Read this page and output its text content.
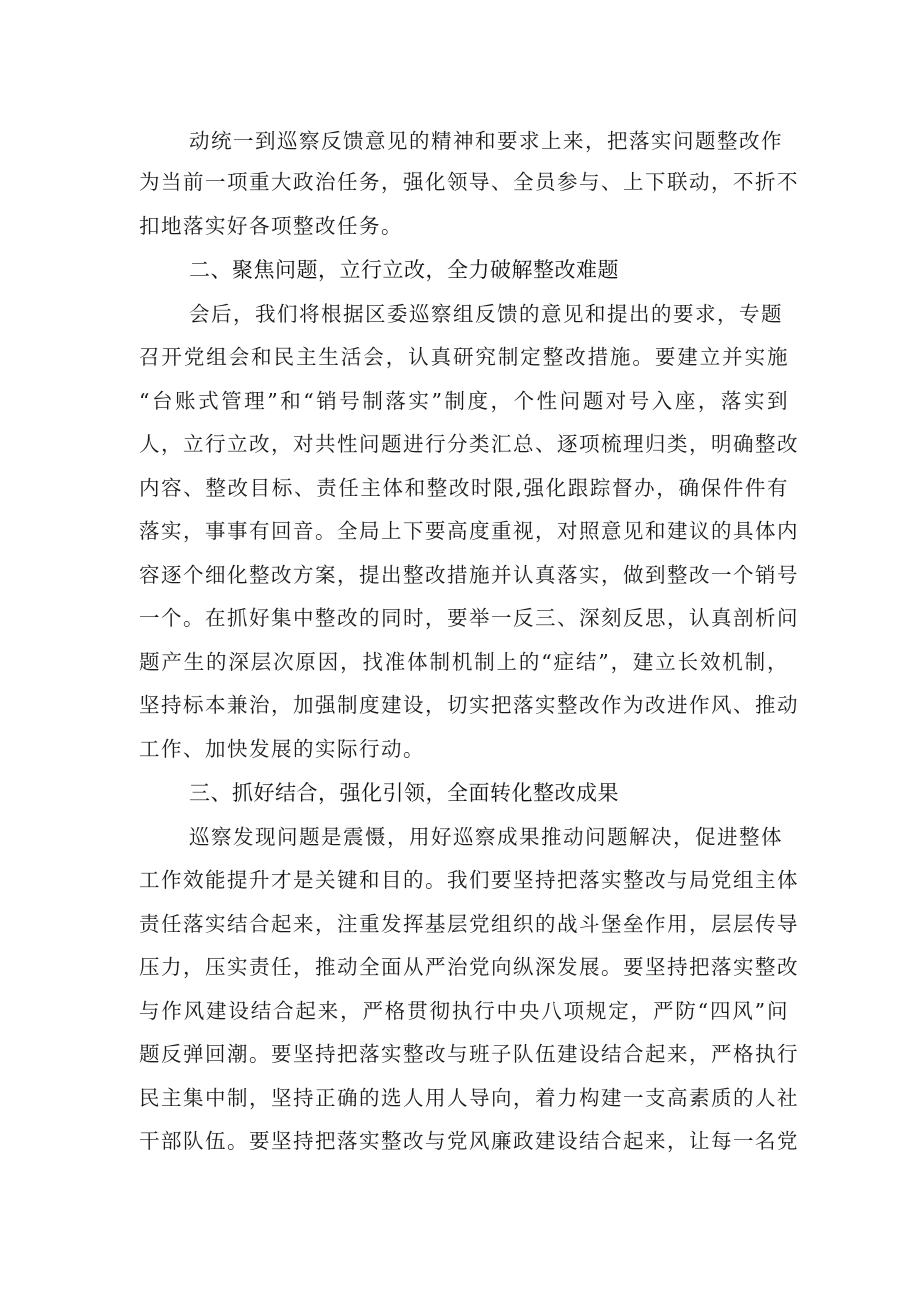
动统一到巡察反馈意见的精神和要求上来，把落实问题整改作
为当前一项重大政治任务，强化领导、全员参与、上下联动，不折不
扣地落实好各项整改任务。
二、聚焦问题，立行立改，全力破解整改难题
会后，我们将根据区委巡察组反馈的意见和提出的要求，专题
召开党组会和民主生活会，认真研究制定整改措施。要建立并实施
“台账式管理”和“销号制落实”制度，个性问题对号入座，落实到
人，立行立改，对共性问题进行分类汇总、逐项梳理归类，明确整改
内容、整改目标、责任主体和整改时限,强化跟踪督办，确保件件有
落实，事事有回音。全局上下要高度重视，对照意见和建议的具体内
容逐个细化整改方案，提出整改措施并认真落实，做到整改一个销号
一个。在抓好集中整改的同时，要举一反三、深刻反思，认真剖析问
题产生的深层次原因，找准体制机制上的“症结”，建立长效机制，
坚持标本兼治，加强制度建设，切实把落实整改作为改进作风、推动
工作、加快发展的实际行动。
三、抓好结合，强化引领，全面转化整改成果
巡察发现问题是震慑，用好巡察成果推动问题解决，促进整体
工作效能提升才是关键和目的。我们要坚持把落实整改与局党组主体
责任落实结合起来，注重发挥基层党组织的战斗堡垒作用，层层传导
压力，压实责任，推动全面从严治党向纵深发展。要坚持把落实整改
与作风建设结合起来，严格贯彻执行中央八项规定，严防“四风”问
题反弹回潮。要坚持把落实整改与班子队伍建设结合起来，严格执行
民主集中制，坚持正确的选人用人导向，着力构建一支高素质的人社
干部队伍。要坚持把落实整改与党风廉政建设结合起来，让每一名党
